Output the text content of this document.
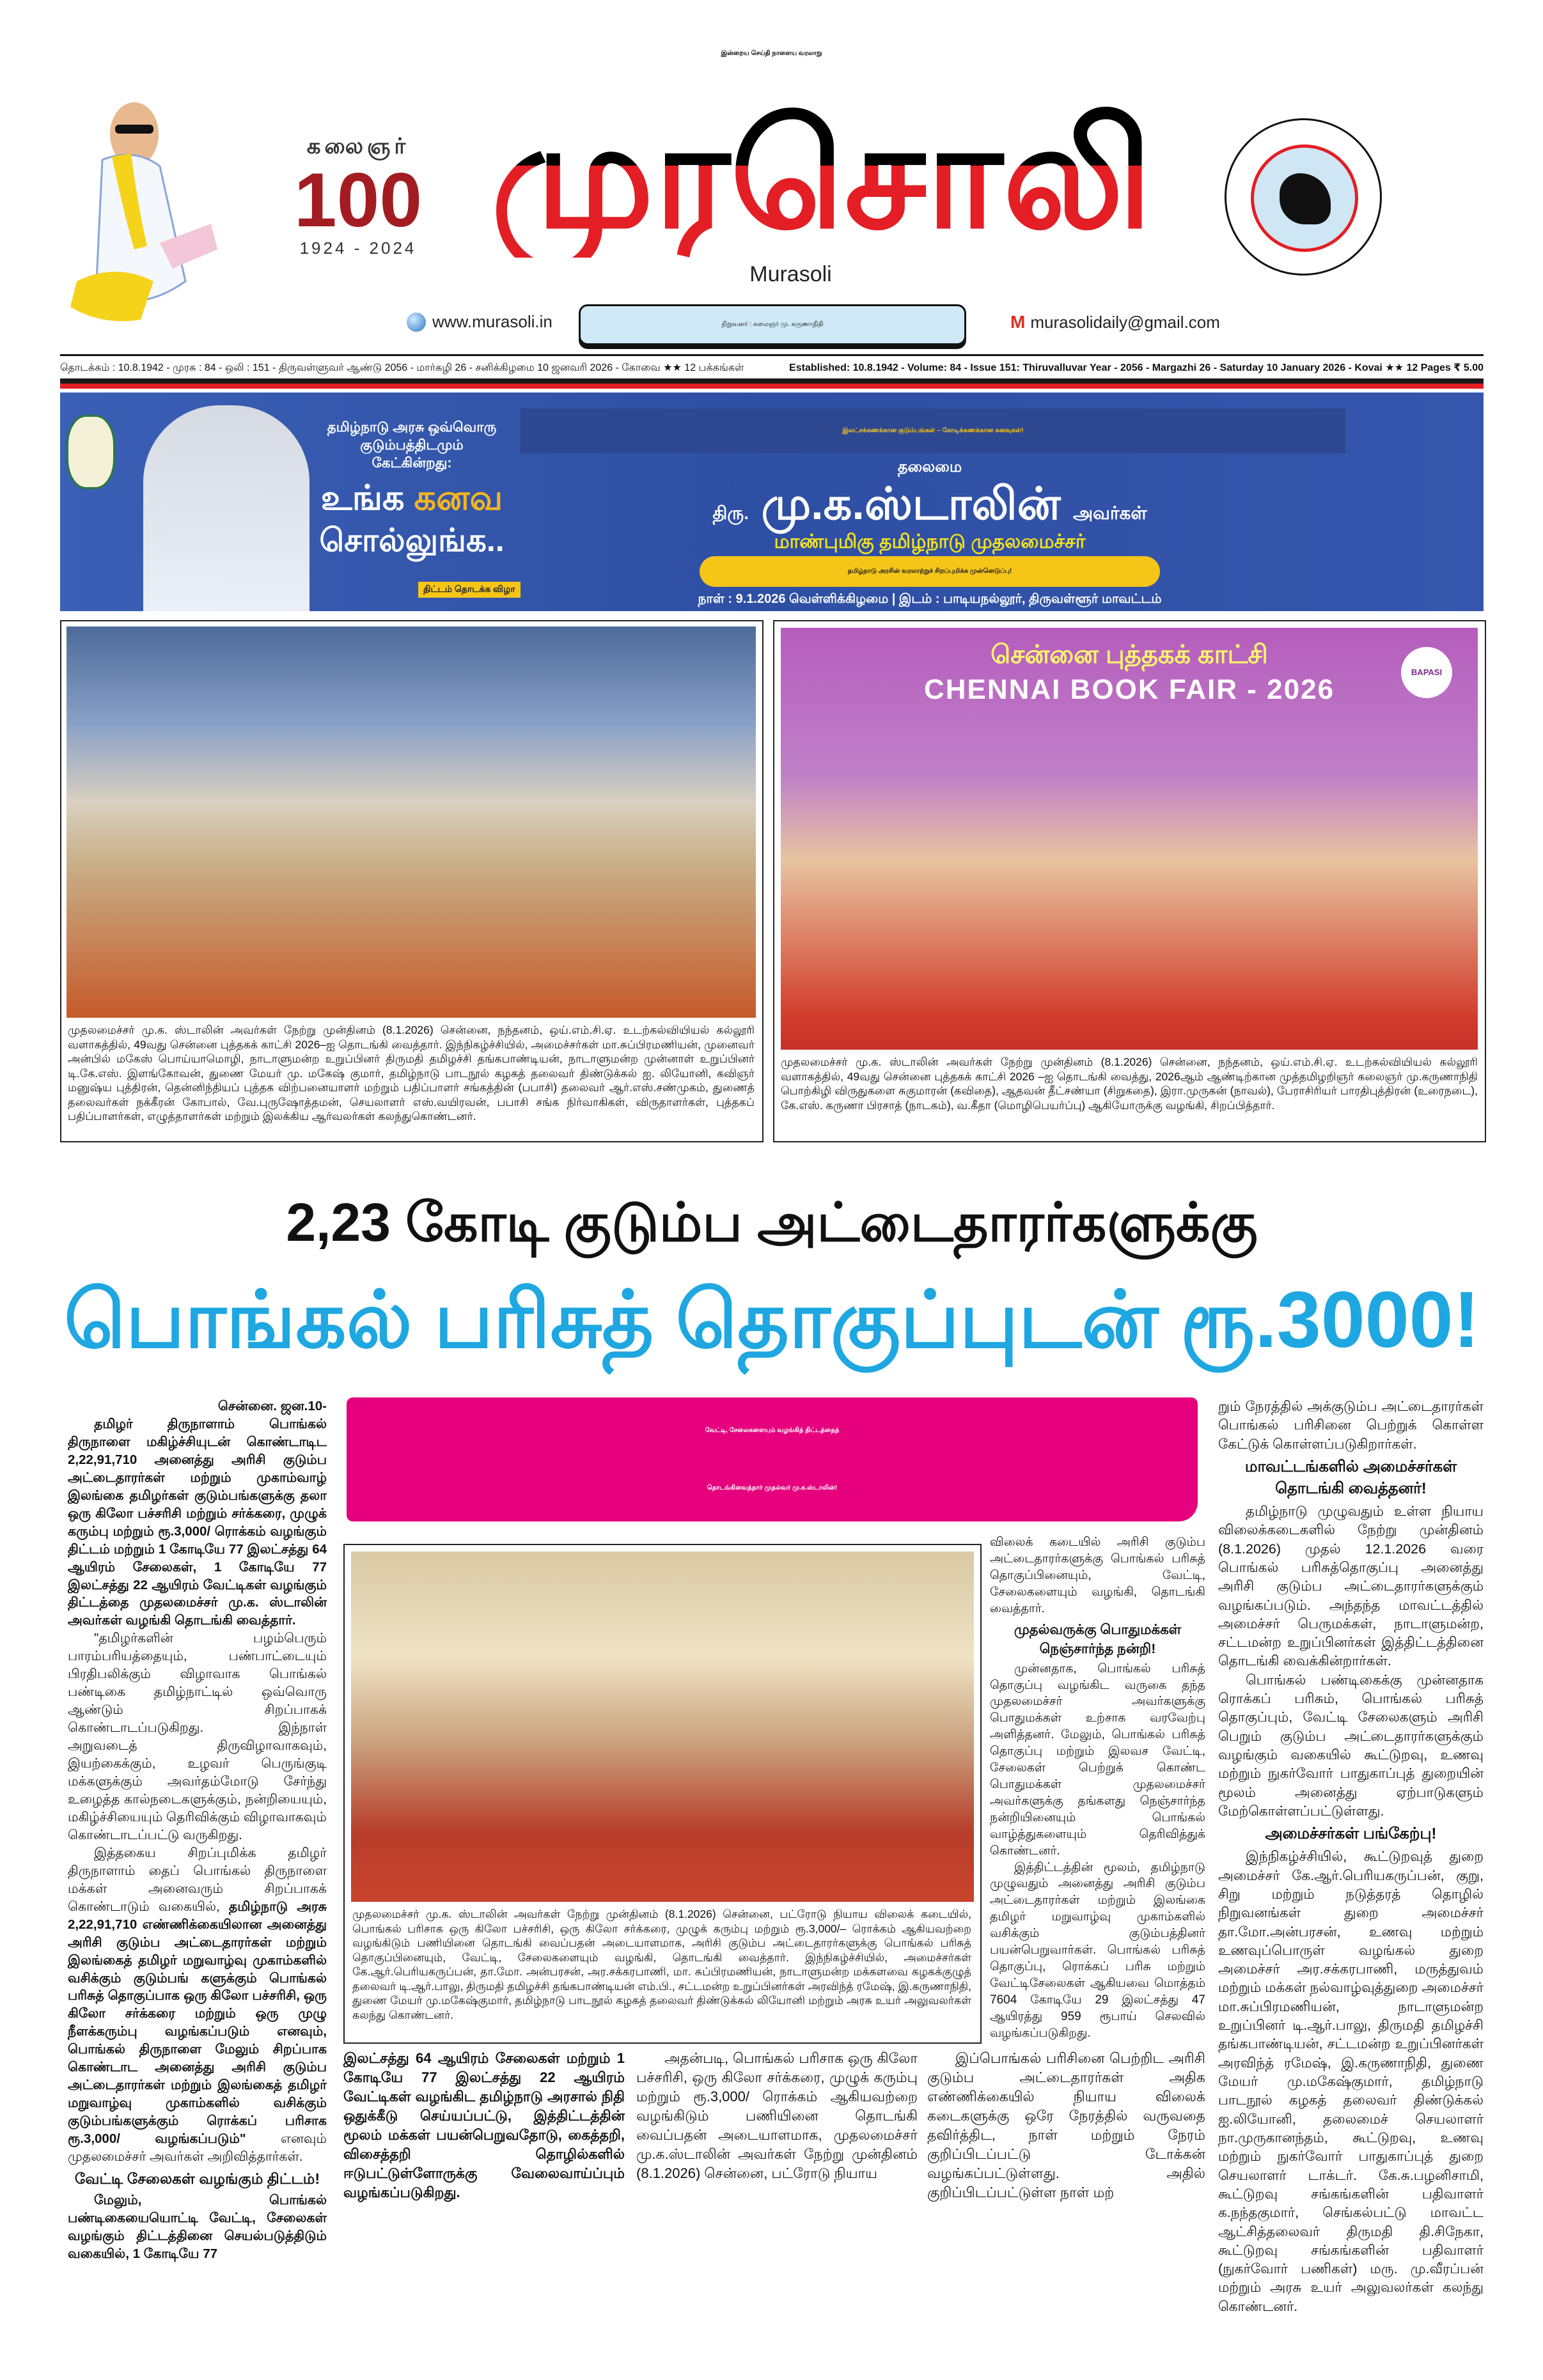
இன்றைய செய்தி நாளைய வரலாறு
கலைஞர்
100
1924 - 2024 முரசொலி
Murasoli
www.murasoli.in	நிறுவனர் : கலைஞர் மு. கருணாநிதி	M murasolidaily@gmail.com
தொடக்கம் : 10.8.1942 - முரசு : 84 - ஒலி : 151 - திருவள்ளுவர் ஆண்டு 2056 - மார்கழி 26 - சனிக்கிழமை 10 ஜனவரி 2026 - கோவை ★★ 12 பக்கங்கள்	Established: 10.8.1942 - Volume: 84 - Issue 151: Thiruvalluvar Year - 2056 - Margazhi 26 - Saturday 10 January 2026 - Kovai ★★ 12 Pages ₹ 5.00
தமிழ்நாடு அரசு ஒவ்வொரு குடும்பத்திடமும் கேட்கின்றது:
உங்க கனவ
சொல்லுங்க..
திட்டம் தொடக்க விழா
இலட்சக்கணக்கான குடும்பங்கள் – கோடிக்கணக்கான கனவுகள்!
தலைமை
திரு. மு.க.ஸ்டாலின் அவர்கள்
மாண்புமிகு தமிழ்நாடு முதலமைச்சர்
தமிழ்நாடு அரசின் வரலாற்றுச் சிறப்புமிக்க முன்னெடுப்பு!
நாள் : 9.1.2026 வெள்ளிக்கிழமை | இடம் : பாடியநல்லூர், திருவள்ளூர் மாவட்டம்
முதலமைச்சர் மு.க. ஸ்டாலின் அவர்கள் நேற்று முன்தினம் (8.1.2026) சென்னை, நந்தனம், ஒய்.எம்.சி.ஏ. உடற்கல்வியியல் கல்லூரி வளாகத்தில், 49வது சென்னை புத்தகக் காட்சி 2026–ஐ தொடங்கி வைத்தார். இந்நிகழ்ச்சியில், அமைச்சர்கள் மா.சுப்பிரமணியன், முனைவர் அன்பில் மகேஸ் பொய்யாமொழி, நாடாளுமன்ற உறுப்பினர் திருமதி தமிழச்சி தங்கபாண்டியன், நாடாளுமன்ற முன்னாள் உறுப்பினர் டி.கே.எஸ். இளங்கோவன், துணை மேயர் மு. மகேஷ் குமார், தமிழ்நாடு பாடநூல் கழகத் தலைவர் திண்டுக்கல் ஐ. லியோனி, கவிஞர் மனுஷ்ய புத்திரன், தென்னிந்தியப் புத்தக விற்பனையாளர் மற்றும் பதிப்பாளர் சங்கத்தின் (பபாசி) தலைவர் ஆர்.எஸ்.சண்முகம், துணைத் தலைவர்கள் நக்கீரன் கோபால், வே.புருஷோத்தமன், செயலாளர் எஸ்.வயிரவன், பபாசி சங்க நிர்வாகிகள், விருதாளர்கள், புத்தகப் பதிப்பாளர்கள், எழுத்தாளர்கள் மற்றும் இலக்கிய ஆர்வலர்கள் கலந்துகொண்டனர்.
சென்னை புத்தகக் காட்சி
CHENNAI BOOK FAIR - 2026
BAPASI
முதலமைச்சர் மு.க. ஸ்டாலின் அவர்கள் நேற்று முன்தினம் (8.1.2026) சென்னை, நந்தனம், ஒய்.எம்.சி.ஏ. உடற்கல்வியியல் கல்லூரி வளாகத்தில், 49வது சென்னை புத்தகக் காட்சி 2026 –ஐ தொடங்கி வைத்து, 2026ஆம் ஆண்டிற்கான முத்தமிழறிஞர் கலைஞர் மு.கருணாநிதி பொற்கிழி விருதுகளை சுகுமாரன் (கவிதை), ஆதவன் தீட்சண்யா (சிறுகதை), இரா.முருகன் (நாவல்), பேராசிரியர் பாரதிபுத்திரன் (உரைநடை), கே.எஸ். கருணா பிரசாத் (நாடகம்), வ.கீதா (மொழிபெயர்ப்பு) ஆகியோருக்கு வழங்கி, சிறப்பித்தார்.
2,23 கோடி குடும்ப அட்டைதாரர்களுக்கு
பொங்கல் பரிசுத் தொகுப்புடன் ரூ.3000!

சென்னை. ஜன.10-

தமிழர் திருநாளாம் பொங்கல் திருநாளை மகிழ்ச்சியுடன் கொண்டாடிட 2,22,91,710 அனைத்து அரிசி குடும்ப அட்டைதாரர்கள் மற்றும் முகாம்வாழ் இலங்கை தமிழர்கள் குடும்பங்களுக்கு தலா ஒரு கிலோ பச்சரிசி மற்றும் சர்க்கரை, முழுக் கரும்பு மற்றும் ரூ.3,000/ ரொக்கம் வழங்கும் திட்டம் மற்றும் 1 கோடியே 77 இலட்சத்து 64 ஆயிரம் சேலைகள், 1 கோடியே 77 இலட்சத்து 22 ஆயிரம் வேட்டிகள் வழங்கும் திட்டத்தை முதலமைச்சர் மு.க. ஸ்டாலின் அவர்கள் வழங்கி தொடங்கி வைத்தார்.

"தமிழர்களின் பழம்பெரும் பாரம்பரியத்தையும், பண்பாட்டையும் பிரதிபலிக்கும் விழாவாக பொங்கல் பண்டிகை தமிழ்நாட்டில் ஒவ்வொரு ஆண்டும் சிறப்பாகக் கொண்டாடப்படுகிறது. இந்நாள் அறுவடைத் திருவிழாவாகவும், இயற்கைக்கும், உழவர் பெருங்குடி மக்களுக்கும் அவர்தம்மோடு சேர்ந்து உழைத்த கால்நடைகளுக்கும், நன்றியையும், மகிழ்ச்சியையும் தெரிவிக்கும் விழாவாகவும் கொண்டாடப்பட்டு வருகிறது.

இத்தகைய சிறப்புமிக்க தமிழர் திருநாளாம் தைப் பொங்கல் திருநாளை மக்கள் அனைவரும் சிறப்பாகக் கொண்டாடும் வகையில், தமிழ்நாடு அரசு 2,22,91,710 எண்ணிக்கையிலான அனைத்து அரிசி குடும்ப அட்டைதாரர்கள் மற்றும் இலங்கைத் தமிழர் மறுவாழ்வு முகாம்களில் வசிக்கும் குடும்பங் களுக்கும் பொங்கல் பரிசுத் தொகுப்பாக ஒரு கிலோ பச்சரிசி, ஒரு கிலோ சர்க்கரை மற்றும் ஒரு முழு நீளக்கரும்பு வழங்கப்படும் எனவும், பொங்கல் திருநாளை மேலும் சிறப்பாக கொண்டாட அனைத்து அரிசி குடும்ப அட்டைதாரர்கள் மற்றும் இலங்கைத் தமிழர் மறுவாழ்வு முகாம்களில் வசிக்கும் குடும்பங்களுக்கும் ரொக்கப் பரிசாக ரூ.3,000/ வழங்கப்படும்" எனவும் முதலமைச்சர் அவர்கள் அறிவித்தார்கள்.

வேட்டி சேலைகள் வழங்கும் திட்டம்!

மேலும், பொங்கல் பண்டிகையையொட்டி வேட்டி, சேலைகள் வழங்கும் திட்டத்தினை செயல்படுத்திடும் வகையில், 1 கோடியே 77

வேட்டி, சேலைகளையும் வழங்கித் திட்டத்தைத்
தொடங்கிவைத்தார் முதல்வர் மு.க.ஸ்டாலின்!
முதலமைச்சர் மு.க. ஸ்டாலின் அவர்கள் நேற்று முன்தினம் (8.1.2026) சென்னை, பட்ரோடு நியாய விலைக் கடையில், பொங்கல் பரிசாக ஒரு கிலோ பச்சரிசி, ஒரு கிலோ சர்க்கரை, முழுக் கரும்பு மற்றும் ரூ.3,000/– ரொக்கம் ஆகியவற்றை வழங்கிடும் பணியினை தொடங்கி வைப்பதன் அடையாளமாக, அரிசி குடும்ப அட்டைதாரர்களுக்கு பொங்கல் பரிசுத் தொகுப்பினையும், வேட்டி, சேலைகளையும் வழங்கி, தொடங்கி வைத்தார். இந்நிகழ்ச்சியில், அமைச்சர்கள் கே.ஆர்.பெரியகருப்பன், தா.மோ. அன்பரசன், அர.சக்கரபாணி, மா. சுப்பிரமணியன், நாடாளுமன்ற மக்களவை கழகக்குழுத் தலைவர் டி.ஆர்.பாலு, திருமதி தமிழச்சி தங்கபாண்டியன் எம்.பி., சட்டமன்ற உறுப்பினர்கள் அரவிந்த் ரமேஷ், இ.கருணாநிதி, துணை மேயர் மு.மகேஷ்குமார், தமிழ்நாடு பாடநூல் கழகத் தலைவர் திண்டுக்கல் லியோனி மற்றும் அரசு உயர் அலுவலர்கள் கலந்து கொண்டனர்.

விலைக் கடையில் அரிசி குடும்ப அட்டைதாரர்களுக்கு பொங்கல் பரிசுத் தொகுப்பினையும், வேட்டி, சேலைகளையும் வழங்கி, தொடங்கி வைத்தார்.

முதல்வருக்கு பொதுமக்கள் நெஞ்சார்ந்த நன்றி!

முன்னதாக, பொங்கல் பரிசுத் தொகுப்பு வழங்கிட வருகை தந்த முதலமைச்சர் அவர்களுக்கு பொதுமக்கள் உற்சாக வரவேற்பு அளித்தனர். மேலும், பொங்கல் பரிசுத் தொகுப்பு மற்றும் இலவச வேட்டி, சேலைகள் பெற்றுக் கொண்ட பொதுமக்கள் முதலமைச்சர் அவர்களுக்கு தங்களது நெஞ்சார்ந்த நன்றியினையும் பொங்கல் வாழ்த்துகளையும் தெரிவித்துக் கொண்டனர்.

இத்திட்டத்தின் மூலம், தமிழ்நாடு முழுவதும் அனைத்து அரிசி குடும்ப அட்டைதாரர்கள் மற்றும் இலங்கை தமிழர் மறுவாழ்வு முகாம்களில் வசிக்கும் குடும்பத்தினர் பயன்பெறுவார்கள். பொங்கல் பரிசுத் தொகுப்பு, ரொக்கப் பரிசு மற்றும் வேட்டிசேலைகள் ஆகியவை மொத்தம் 7604 கோடியே 29 இலட்சத்து 47 ஆயிரத்து 959 ரூபாய் செலவில் வழங்கப்படுகிறது.

இலட்சத்து 64 ஆயிரம் சேலைகள் மற்றும் 1 கோடியே 77 இலட்சத்து 22 ஆயிரம் வேட்டிகள் வழங்கிட தமிழ்நாடு அரசால் நிதி ஒதுக்கீடு செய்யப்பட்டு, இத்திட்டத்தின் மூலம் மக்கள் பயன்பெறுவதோடு, கைத்தறி, விசைத்தறி தொழில்களில் ஈடுபட்டுள்ளோருக்கு வேலைவாய்ப்பும் வழங்கப்படுகிறது.

அதன்படி, பொங்கல் பரிசாக ஒரு கிலோ பச்சரிசி, ஒரு கிலோ சர்க்கரை, முழுக் கரும்பு மற்றும் ரூ.3,000/ ரொக்கம் ஆகியவற்றை வழங்கிடும் பணியினை தொடங்கி வைப்பதன் அடையாளமாக, முதலமைச்சர் மு.க.ஸ்டாலின் அவர்கள் நேற்று முன்தினம் (8.1.2026) சென்னை, பட்ரோடு நியாய

இப்பொங்கல் பரிசினை பெற்றிட அரிசி குடும்ப அட்டைதாரர்கள் அதிக எண்ணிக்கையில் நியாய விலைக் கடைகளுக்கு ஒரே நேரத்தில் வருவதை தவிர்த்திட, நாள் மற்றும் நேரம் குறிப்பிடப்பட்டு டோக்கன் வழங்கப்பட்டுள்ளது. அதில் குறிப்பிடப்பட்டுள்ள நாள் மற்

றும் நேரத்தில் அக்குடும்ப அட்டைதாரர்கள் பொங்கல் பரிசினை பெற்றுக் கொள்ள கேட்டுக் கொள்ளப்படுகிறார்கள்.

மாவட்டங்களில் அமைச்சர்கள் தொடங்கி வைத்தனர்!

தமிழ்நாடு முழுவதும் உள்ள நியாய விலைக்கடைகளில் நேற்று முன்தினம் (8.1.2026) முதல் 12.1.2026 வரை பொங்கல் பரிசுத்தொகுப்பு அனைத்து அரிசி குடும்ப அட்டைதாரர்களுக்கும் வழங்கப்படும். அந்தந்த மாவட்டத்தில் அமைச்சர் பெருமக்கள், நாடாளுமன்ற, சட்டமன்ற உறுப்பினர்கள் இத்திட்டத்தினை தொடங்கி வைக்கின்றார்கள்.

பொங்கல் பண்டிகைக்கு முன்னதாக ரொக்கப் பரிசும், பொங்கல் பரிசுத் தொகுப்பும், வேட்டி சேலைகளும் அரிசி பெறும் குடும்ப அட்டைதாரர்களுக்கும் வழங்கும் வகையில் கூட்டுறவு, உணவு மற்றும் நுகர்வோர் பாதுகாப்புத் துறையின் மூலம் அனைத்து ஏற்பாடுகளும் மேற்கொள்ளப்பட்டுள்ளது.

அமைச்சர்கள் பங்கேற்பு!

இந்நிகழ்ச்சியில், கூட்டுறவுத் துறை அமைச்சர் கே.ஆர்.பெரியகருப்பன், குறு, சிறு மற்றும் நடுத்தரத் தொழில் நிறுவனங்கள் துறை அமைச்சர் தா.மோ.அன்பரசன், உணவு மற்றும் உணவுப்பொருள் வழங்கல் துறை அமைச்சர் அர.சக்கரபாணி, மருத்துவம் மற்றும் மக்கள் நல்வாழ்வுத்துறை அமைச்சர் மா.சுப்பிரமணியன், நாடாளுமன்ற உறுப்பினர் டி.ஆர்.பாலு, திருமதி தமிழச்சி தங்கபாண்டியன், சட்டமன்ற உறுப்பினர்கள் அரவிந்த் ரமேஷ், இ.கருணாநிதி, துணை மேயர் மு.மகேஷ்குமார், தமிழ்நாடு பாடநூல் கழகத் தலைவர் திண்டுக்கல் ஐ.லியோனி, தலைமைச் செயலாளர் நா.முருகானந்தம், கூட்டுறவு, உணவு மற்றும் நுகர்வோர் பாதுகாப்புத் துறை செயலாளர் டாக்டர். கே.சு.பழனிசாமி, கூட்டுறவு சங்கங்களின் பதிவாளர் க.நந்தகுமார், செங்கல்பட்டு மாவட்ட ஆட்சித்தலைவர் திருமதி தி.சிநேகா, கூட்டுறவு சங்கங்களின் பதிவாளர் (நுகர்வோர் பணிகள்) மரு. மு.வீரப்பன் மற்றும் அரசு உயர் அலுவலர்கள் கலந்து கொண்டனர்.
